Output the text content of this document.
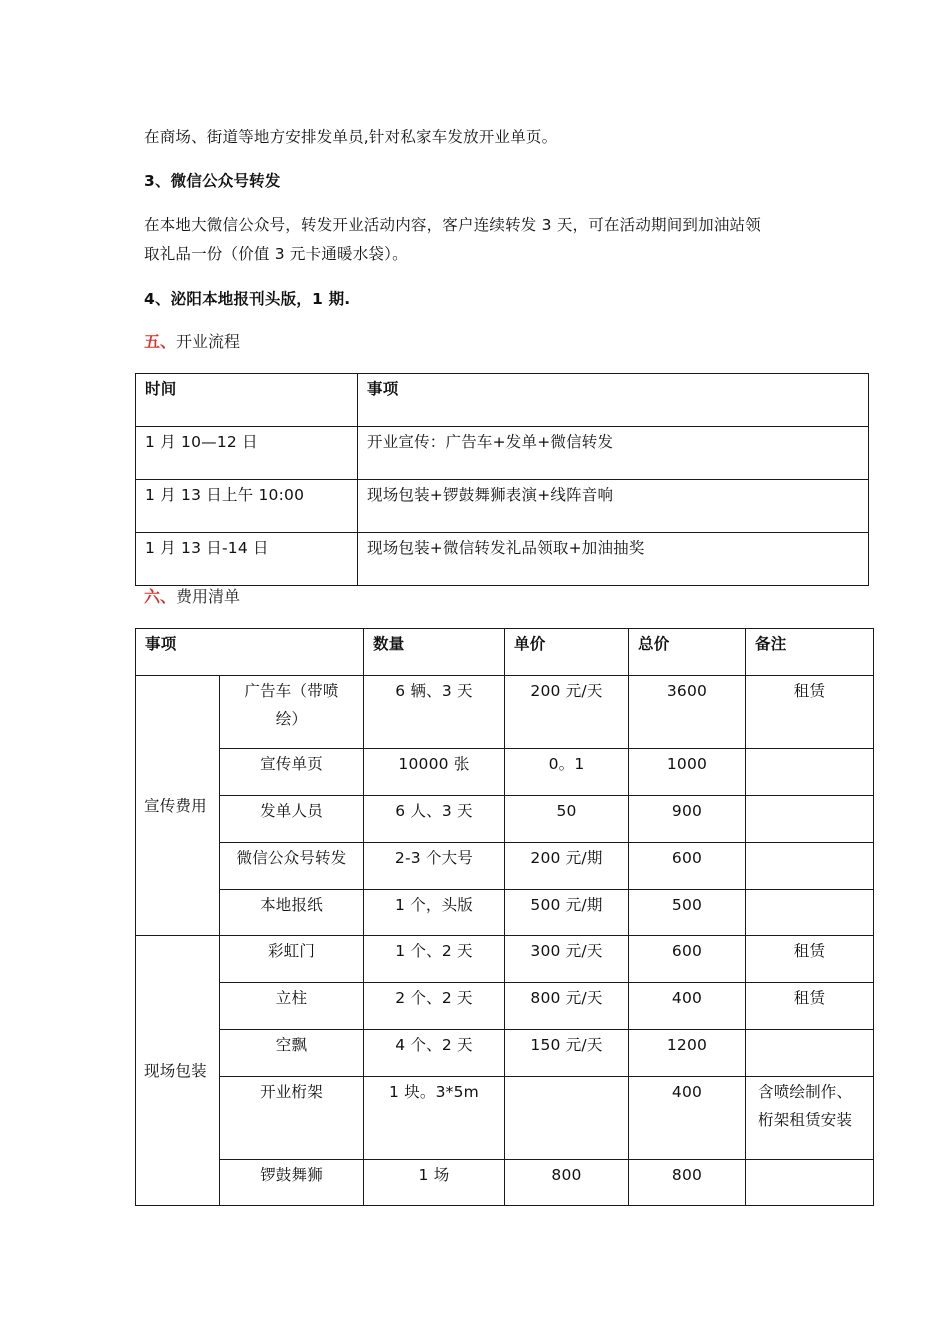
在商场、街道等地方安排发单员,针对私家车发放开业单页。

3、微信公众号转发

在本地大微信公众号，转发开业活动内容，客户连续转发 3 天，可在活动期间到加油站领
取礼品一份（价值 3 元卡通暖水袋）。

4、泌阳本地报刊头版，1 期.

五、开业流程

时间	事项
1 月 10—12 日	开业宣传：广告车+发单+微信转发
1 月 13 日上午 10:00	现场包装+锣鼓舞狮表演+线阵音响
1 月 13 日-14 日	现场包装+微信转发礼品领取+加油抽奖

六、费用清单

事项		数量	单价	总价	备注
宣传费用	广告车（带喷
绘）	6 辆、3 天	200 元/天	3600	租赁
	宣传单页	10000 张	0。1	1000	
	发单人员	6 人、3 天	50	900	
	微信公众号转发	2-3 个大号	200 元/期	600	
	本地报纸	1 个，头版	500 元/期	500	
现场包装	彩虹门	1 个、2 天	300 元/天	600	租赁
	立柱	2 个、2 天	800 元/天	400	租赁
	空飘	4 个、2 天	150 元/天	1200	
	开业桁架	1 块。3*5m		400	含喷绘制作、
桁架租赁安装
	锣鼓舞狮	1 场	800	800	
